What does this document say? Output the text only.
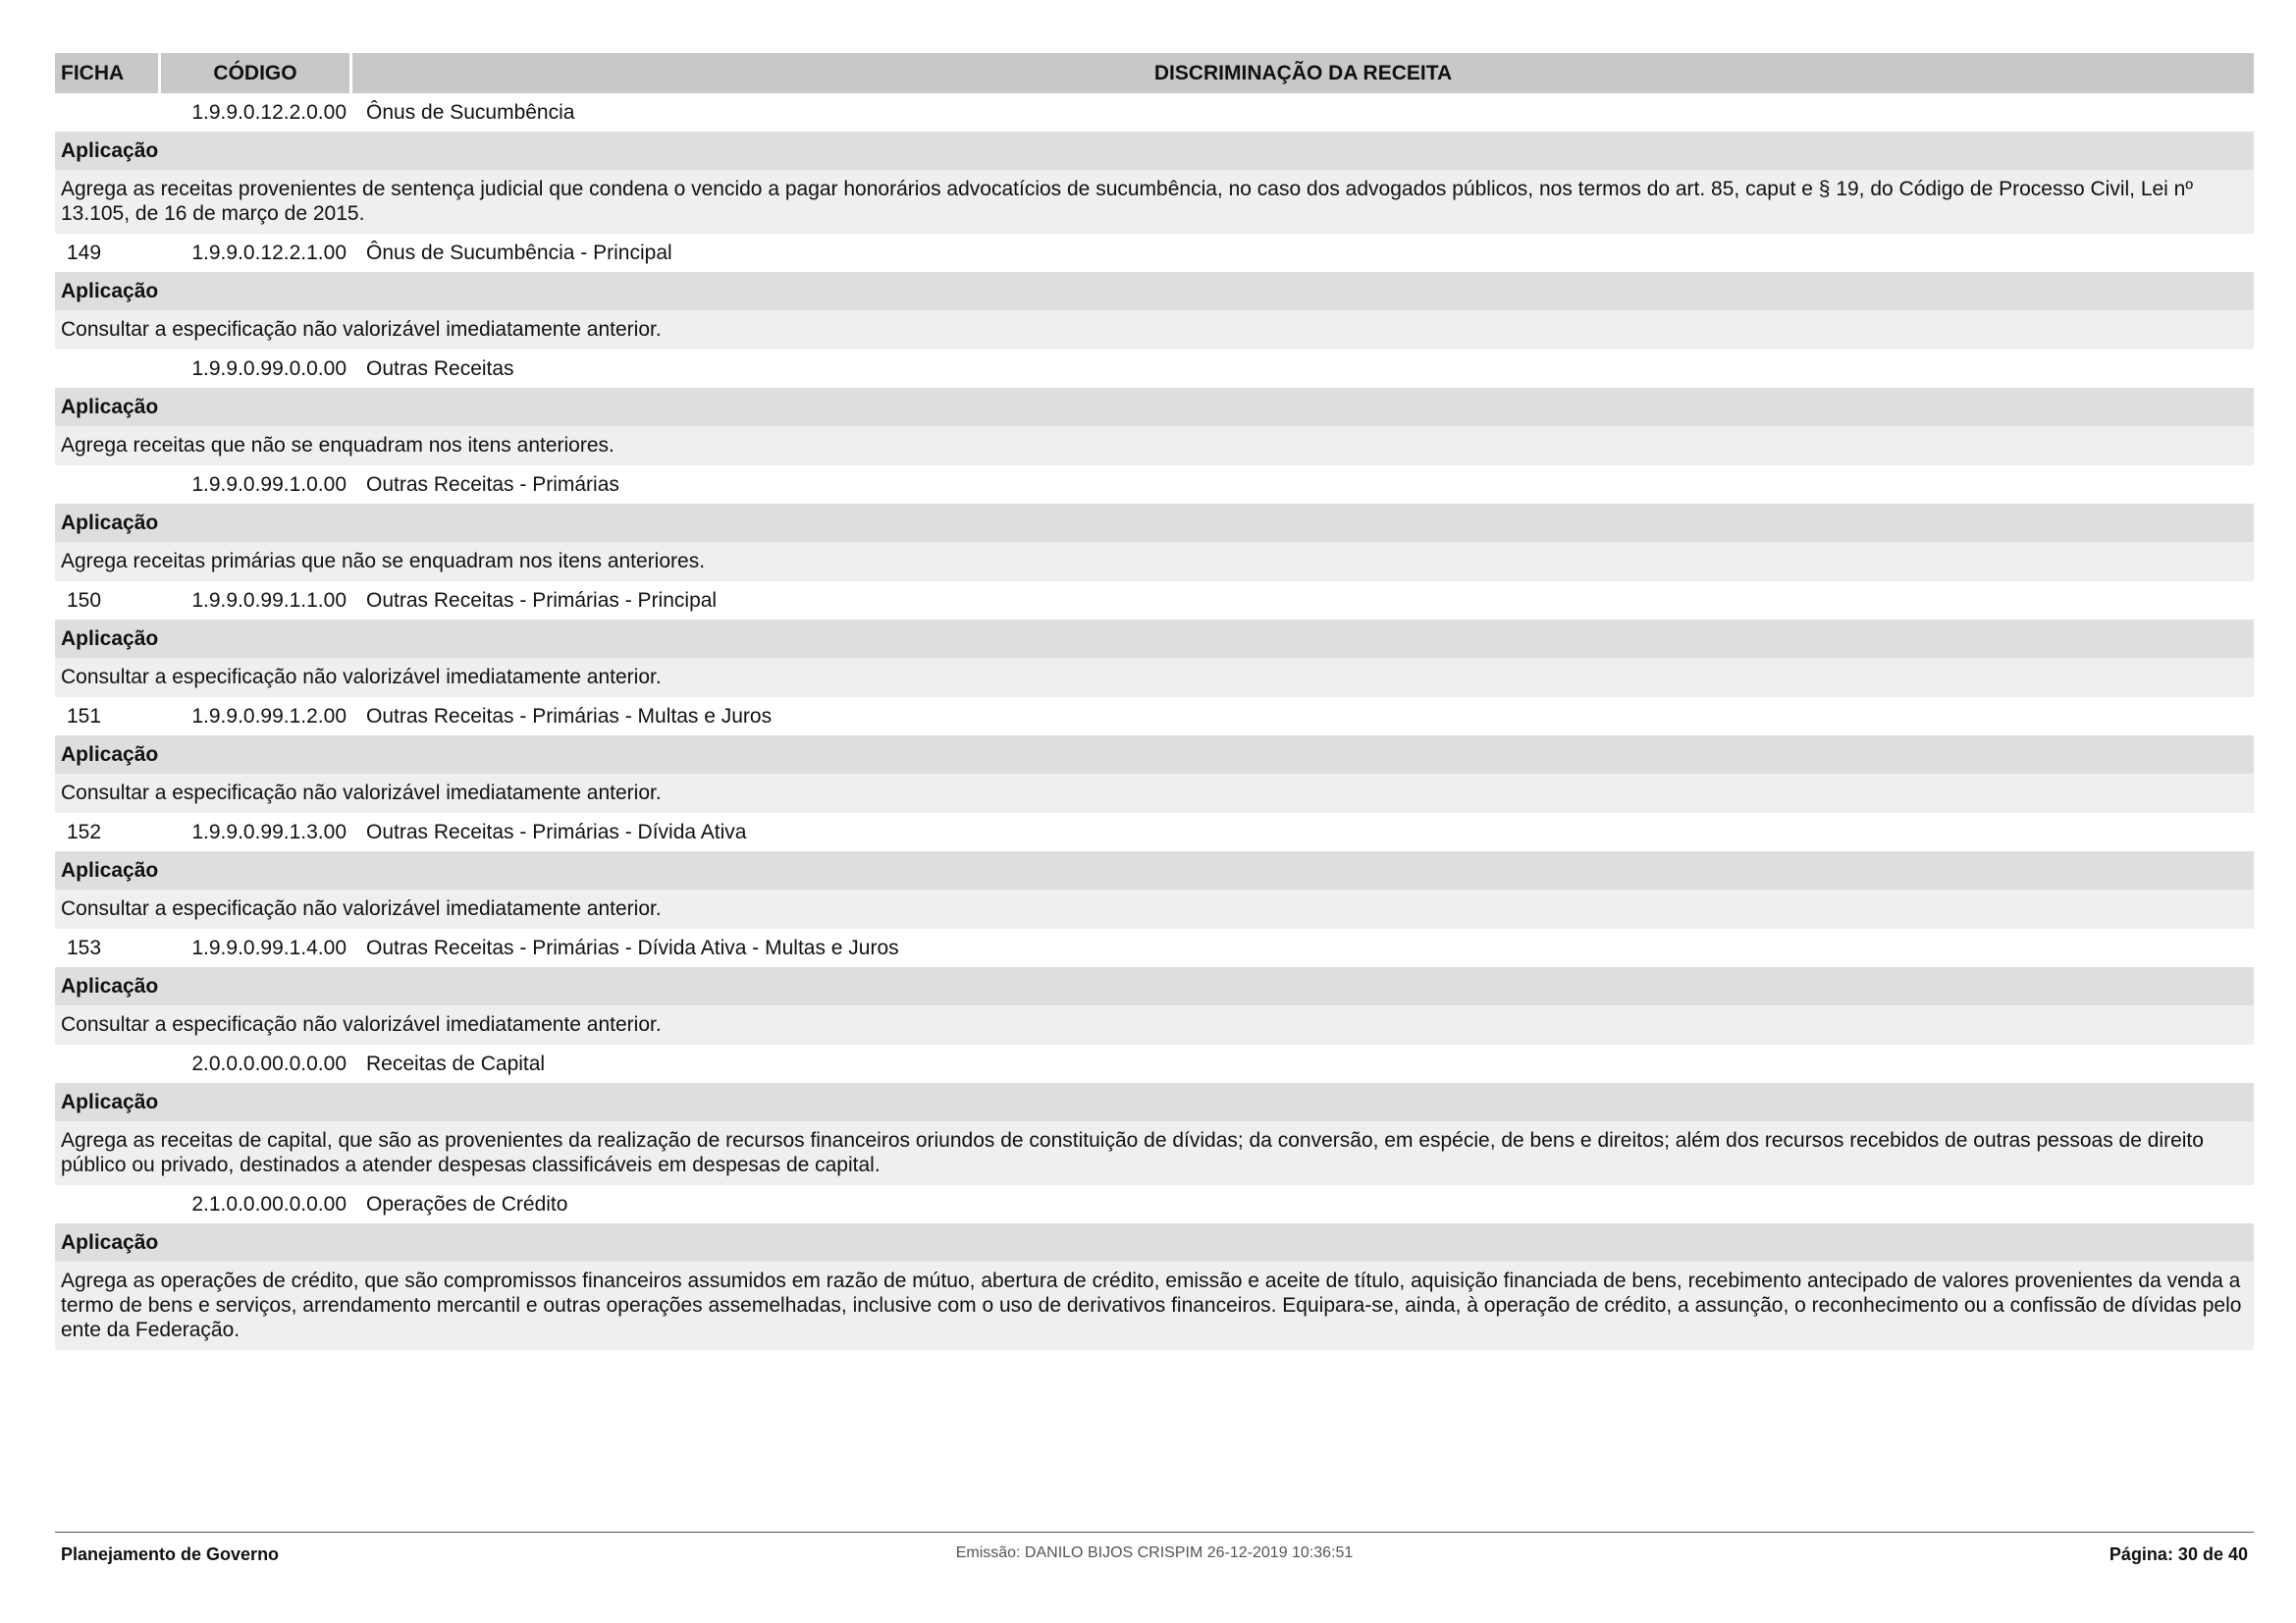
FICHA	CÓDIGO	DISCRIMINAÇÃO DA RECEITA
1.9.9.0.12.2.0.00 Ônus de Sucumbência
Aplicação
Agrega as receitas provenientes de sentença judicial que condena o vencido a pagar honorários advocatícios de sucumbência, no caso dos advogados públicos, nos termos do art. 85, caput e § 19, do Código de Processo Civil, Lei nº 13.105, de 16 de março de 2015.
149	1.9.9.0.12.2.1.00 Ônus de Sucumbência - Principal
Aplicação
Consultar a especificação não valorizável imediatamente anterior.
1.9.9.0.99.0.0.00 Outras Receitas
Aplicação
Agrega receitas que não se enquadram nos itens anteriores.
1.9.9.0.99.1.0.00 Outras Receitas - Primárias
Aplicação
Agrega receitas primárias que não se enquadram nos itens anteriores.
150	1.9.9.0.99.1.1.00 Outras Receitas - Primárias - Principal
Aplicação
Consultar a especificação não valorizável imediatamente anterior.
151	1.9.9.0.99.1.2.00 Outras Receitas - Primárias - Multas e Juros
Aplicação
Consultar a especificação não valorizável imediatamente anterior.
152	1.9.9.0.99.1.3.00 Outras Receitas - Primárias - Dívida Ativa
Aplicação
Consultar a especificação não valorizável imediatamente anterior.
153	1.9.9.0.99.1.4.00 Outras Receitas - Primárias - Dívida Ativa - Multas e Juros
Aplicação
Consultar a especificação não valorizável imediatamente anterior.
2.0.0.0.00.0.0.00 Receitas de Capital
Aplicação
Agrega as receitas de capital, que são as provenientes da realização de recursos financeiros oriundos de constituição de dívidas; da conversão, em espécie, de bens e direitos; além dos recursos recebidos de outras pessoas de direito público ou privado, destinados a atender despesas classificáveis em despesas de capital.
2.1.0.0.00.0.0.00 Operações de Crédito
Aplicação
Agrega as operações de crédito, que são compromissos financeiros assumidos em razão de mútuo, abertura de crédito, emissão e aceite de título, aquisição financiada de bens, recebimento antecipado de valores provenientes da venda a termo de bens e serviços, arrendamento mercantil e outras operações assemelhadas, inclusive com o uso de derivativos financeiros. Equipara-se, ainda, à operação de crédito, a assunção, o reconhecimento ou a confissão de dívidas pelo ente da Federação.
Planejamento de Governo	Emissão: DANILO BIJOS CRISPIM 26-12-2019 10:36:51	Página: 30 de 40
